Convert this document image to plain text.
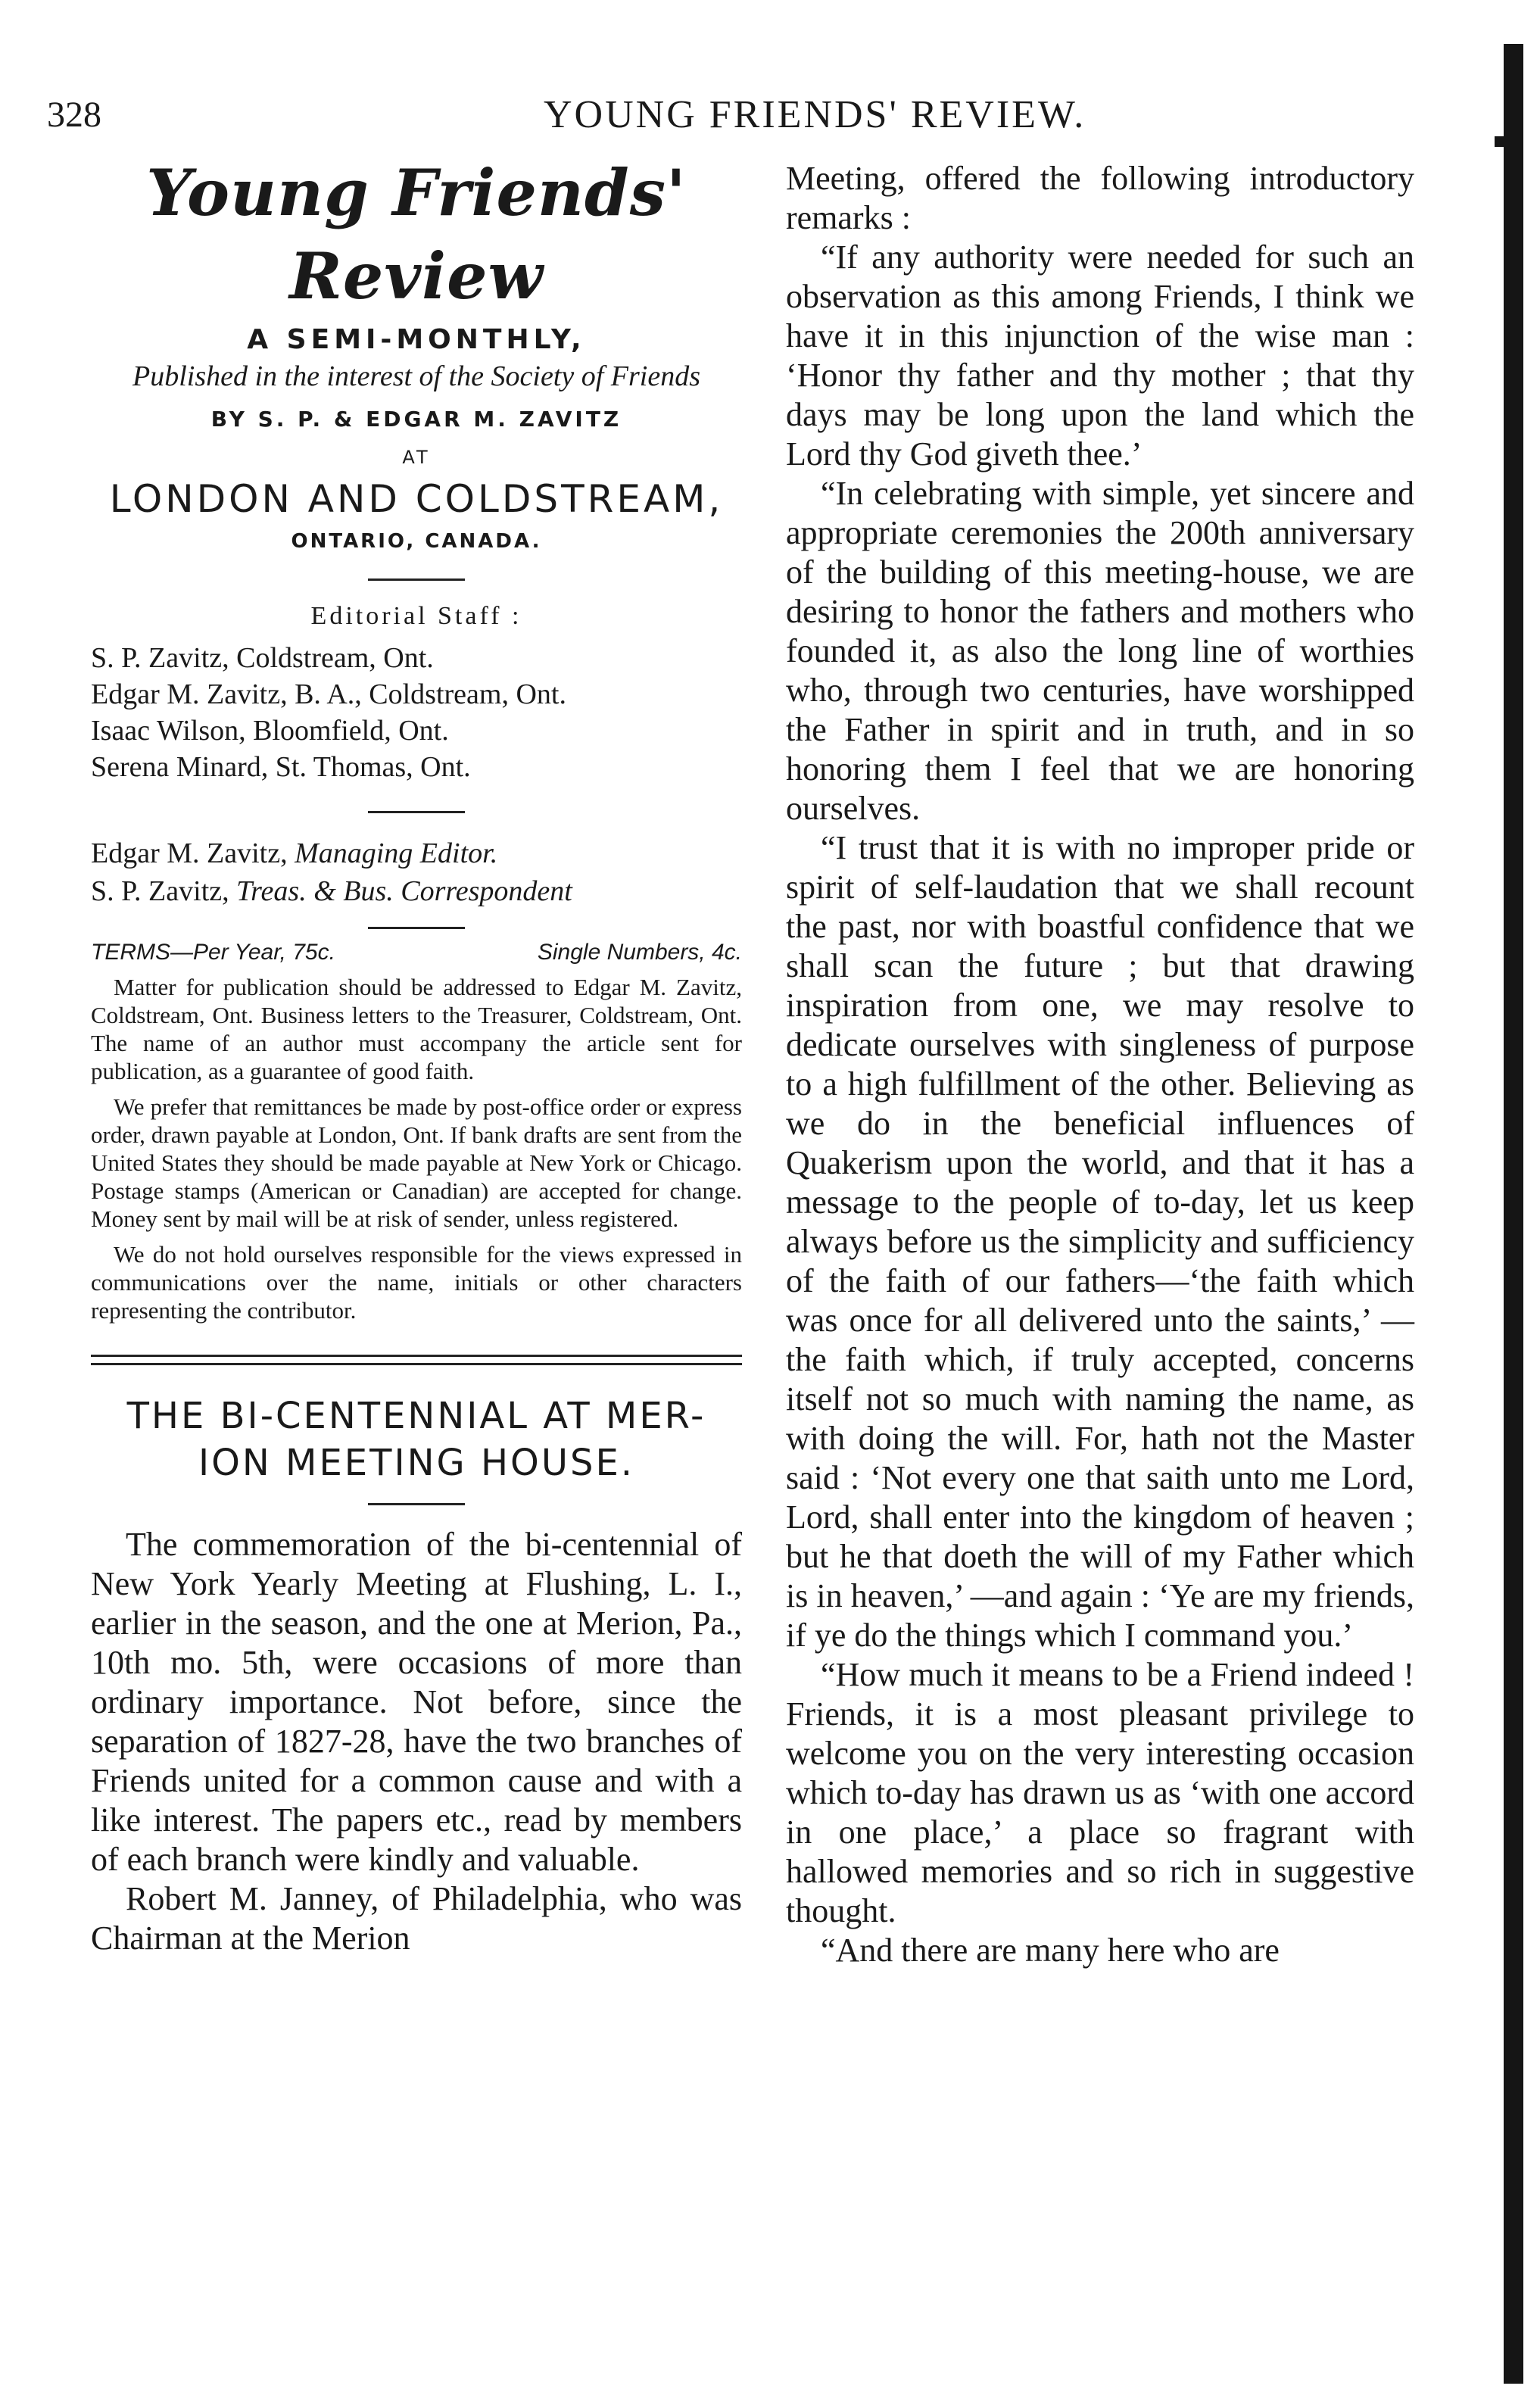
328	YOUNG FRIENDS' REVIEW.
Young Friends' Review
A SEMI-MONTHLY,
Published in the interest of the Society of Friends
BY S. P. & EDGAR M. ZAVITZ
AT
LONDON AND COLDSTREAM,
ONTARIO, CANADA.
Editorial Staff :
S. P. Zavitz, Coldstream, Ont.
Edgar M. Zavitz, B. A., Coldstream, Ont.
Isaac Wilson, Bloomfield, Ont.
Serena Minard, St. Thomas, Ont.
Edgar M. Zavitz, Managing Editor.
S. P. Zavitz, Treas. & Bus. Correspondent
TERMS—Per Year, 75c.	Single Numbers, 4c.

Matter for publication should be addressed to Edgar M. Zavitz, Coldstream, Ont. Business letters to the Treasurer, Coldstream, Ont. The name of an author must accompany the article sent for publication, as a guarantee of good faith.

We prefer that remittances be made by post-office order or express order, drawn payable at London, Ont. If bank drafts are sent from the United States they should be made payable at New York or Chicago. Postage stamps (American or Canadian) are accepted for change. Money sent by mail will be at risk of sender, unless registered.

We do not hold ourselves responsible for the views expressed in communications over the name, initials or other characters representing the contributor.

THE BI-CENTENNIAL AT MER-
ION MEETING HOUSE.

The commemoration of the bi-centennial of New York Yearly Meeting at Flushing, L. I., earlier in the season, and the one at Merion, Pa., 10th mo. 5th, were occasions of more than ordinary importance. Not before, since the separation of 1827-28, have the two branches of Friends united for a common cause and with a like interest. The papers etc., read by members of each branch were kindly and valuable.

Robert M. Janney, of Philadelphia, who was Chairman at the Merion

Meeting, offered the following introductory remarks :

“If any authority were needed for such an observation as this among Friends, I think we have it in this injunction of the wise man : ‘Honor thy father and thy mother ; that thy days may be long upon the land which the Lord thy God giveth thee.’

“In celebrating with simple, yet sincere and appropriate ceremonies the 200th anniversary of the building of this meeting-house, we are desiring to honor the fathers and mothers who founded it, as also the long line of worthies who, through two centuries, have worshipped the Father in spirit and in truth, and in so honoring them I feel that we are honoring ourselves.

“I trust that it is with no improper pride or spirit of self-laudation that we shall recount the past, nor with boastful confidence that we shall scan the future ; but that drawing inspiration from one, we may resolve to dedicate ourselves with singleness of purpose to a high fulfillment of the other. Believing as we do in the beneficial influences of Quakerism upon the world, and that it has a message to the people of to-day, let us keep always before us the simplicity and sufficiency of the faith of our fathers—‘the faith which was once for all delivered unto the saints,’ —the faith which, if truly accepted, concerns itself not so much with naming the name, as with doing the will. For, hath not the Master said : ‘Not every one that saith unto me Lord, Lord, shall enter into the kingdom of heaven ; but he that doeth the will of my Father which is in heaven,’ —and again : ‘Ye are my friends, if ye do the things which I command you.’

“How much it means to be a Friend indeed ! Friends, it is a most pleasant privilege to welcome you on the very interesting occasion which to-day has drawn us as ‘with one accord in one place,’ a place so fragrant with hallowed memories and so rich in suggestive thought.

“And there are many here who are
